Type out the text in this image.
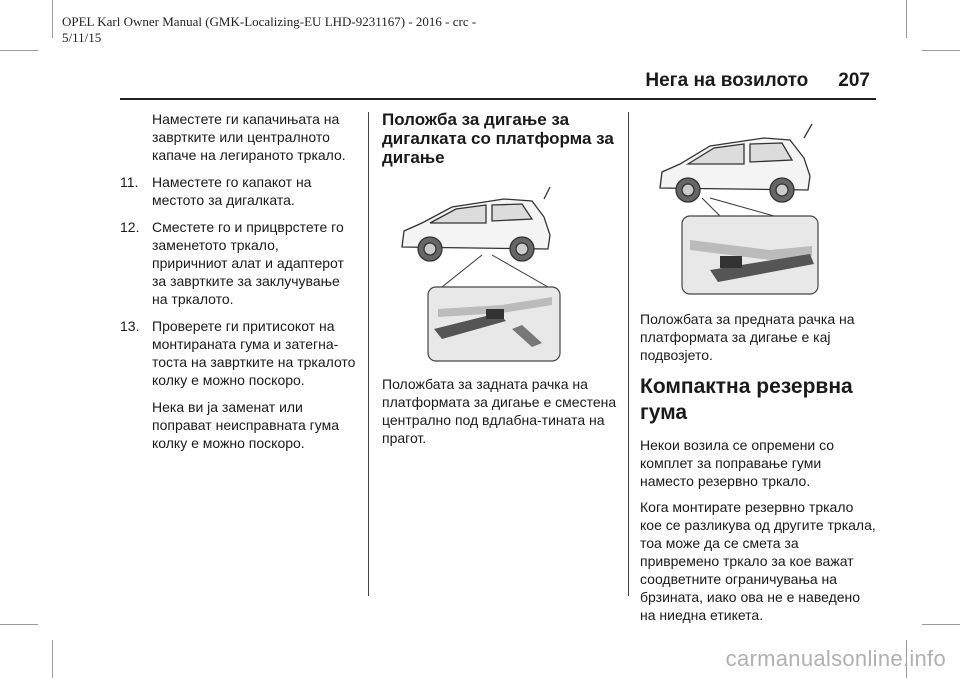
OPEL Karl Owner Manual (GMK-Localizing-EU LHD-9231167) - 2016 - crc -
5/11/15
Нега на возилото 207

Наместете ги капачињата на завртките или централното капаче на легираното тркало.

11. Наместете го капакот на местото за дигалката.
12. Сместете го и прицврстете го заменетото тркало, приричниот алат и адаптерот за завртките за заклучување на тркалото.
13. Проверете ги притисокот на монтираната гума и затегна-тоста на завртките на тркалото колку е можно поскоро.

Нека ви ја заменат или поправат неисправната гума колку е можно поскоро.

Положба за дигање за дигалката со платформа за дигање

Положбата за задната рачка на платформата за дигање е сместена централно под вдлабна-тината на прагот.

Положбата за предната рачка на платформата за дигање е кај подвозјето.

Компактна резервна гума

Некои возила се опремени со комплет за поправање гуми наместо резервно тркало.

Кога монтирате резервно тркало кое се разликува од другите тркала, тоа може да се смета за привремено тркало за кое важат соодветните ограничувања на брзината, иако ова не е наведено на ниедна етикета.

carmanualsonline.info
